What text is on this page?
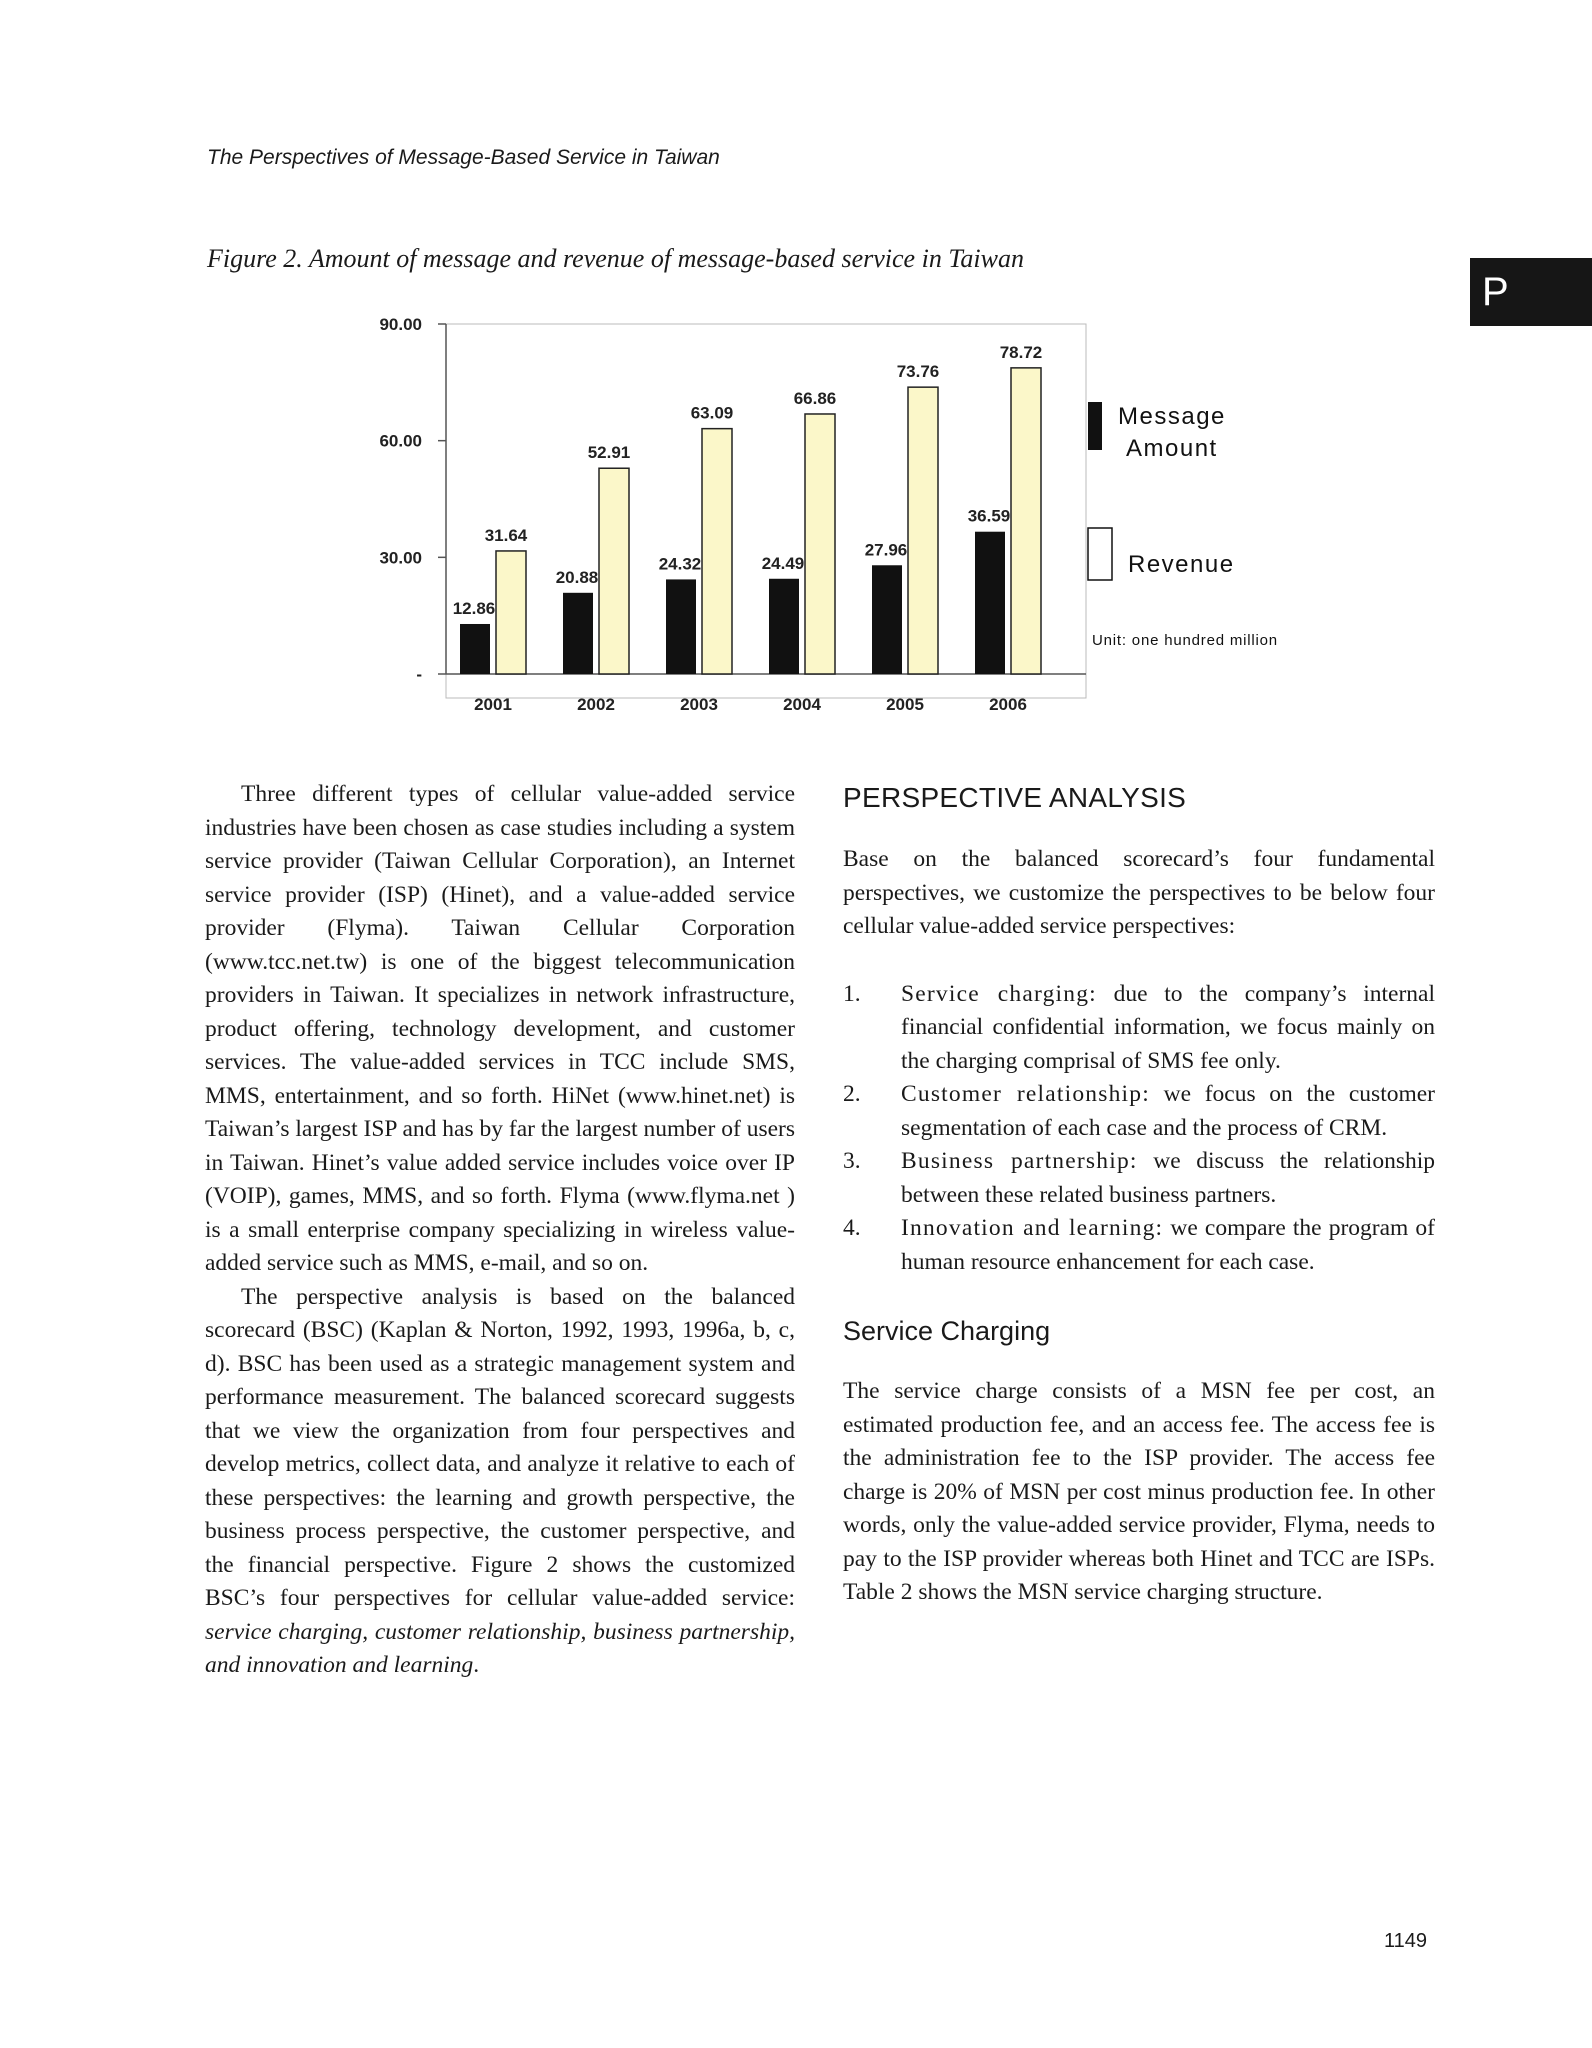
The Perspectives of Message-Based Service in Taiwan
Figure 2. Amount of message and revenue of message-based service in Taiwan
P
90.00
60.00
30.00
-
12.86
31.64
20.88
52.91
24.32
63.09
24.49
66.86
27.96
73.76
36.59
78.72
2001	2002	2003	2004	2005	2006
Message
Amount
Revenue
Unit: one hundred million

Three different types of cellular value-added service industries have been chosen as case studies including a system service provider (Taiwan Cellular Corporation), an Internet service provider (ISP) (Hinet), and a value-added service provider (Flyma). Taiwan Cellular Corporation (www.tcc.net.tw) is one of the biggest telecommunication providers in Taiwan. It specializes in network infrastructure, product offering, technology development, and customer services. The value-added services in TCC include SMS, MMS, entertainment, and so forth. HiNet (www.hinet.net) is Taiwan’s largest ISP and has by far the largest number of users in Taiwan. Hinet’s value added service includes voice over IP (VOIP), games, MMS, and so forth. Flyma (www.flyma.net ) is a small enterprise company specializing in wireless value-added service such as MMS, e-mail, and so on.

The perspective analysis is based on the balanced scorecard (BSC) (Kaplan & Norton, 1992, 1993, 1996a, b, c, d). BSC has been used as a strategic management system and performance measurement. The balanced scorecard suggests that we view the organization from four perspectives and develop metrics, collect data, and analyze it relative to each of these perspectives: the learning and growth perspective, the business process perspective, the customer perspective, and the financial perspective. Figure 2 shows the customized BSC’s four perspectives for cellular value-added service: service charging, customer relationship, business partnership, and innovation and learning.

PERSPECTIVE ANALYSIS

Base on the balanced scorecard’s four fundamental perspectives, we customize the perspectives to be below four cellular value-added service perspectives:

1.	Service charging: due to the company’s internal financial confidential information, we focus mainly on the charging comprisal of SMS fee only.
2.	Customer relationship: we focus on the customer segmentation of each case and the process of CRM.
3.	Business partnership: we discuss the relationship between these related business partners.
4.	Innovation and learning: we compare the program of human resource enhancement for each case.
Service Charging

The service charge consists of a MSN fee per cost, an estimated production fee, and an access fee. The access fee is the administration fee to the ISP provider. The access fee charge is 20% of MSN per cost minus production fee. In other words, only the value-added service provider, Flyma, needs to pay to the ISP provider whereas both Hinet and TCC are ISPs. Table 2 shows the MSN service charging structure.

1149
